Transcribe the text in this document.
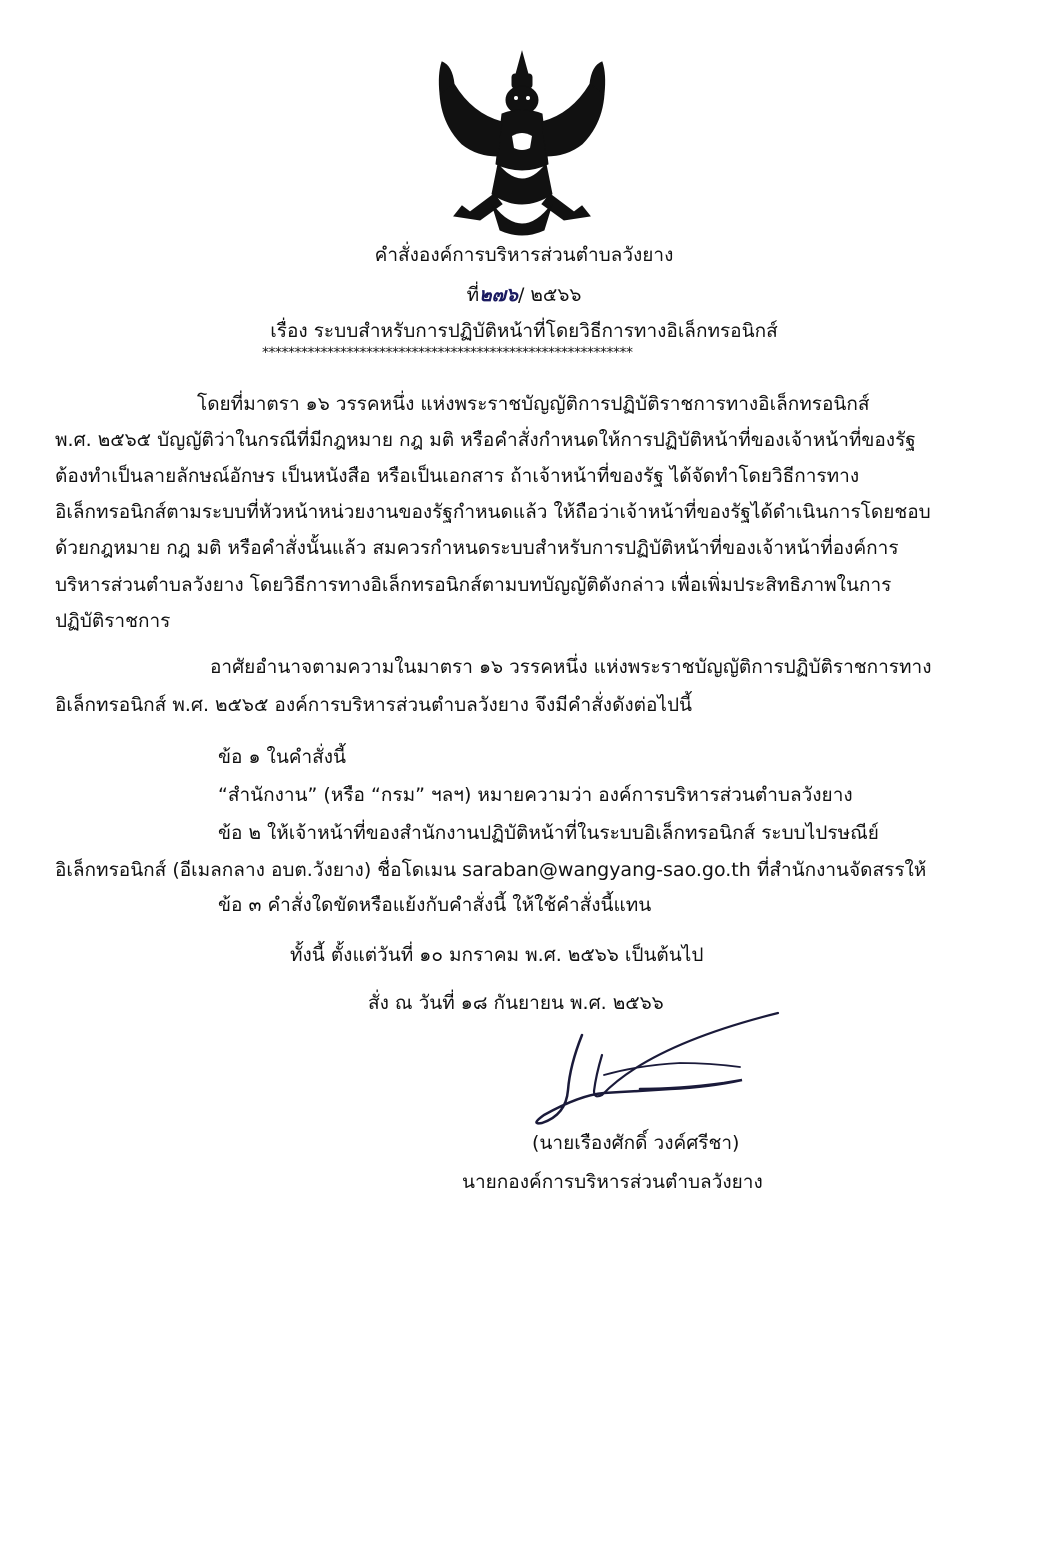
คำสั่งองค์การบริหารส่วนตำบลวังยาง
ที่๒๗๖/ ๒๕๖๖
เรื่อง ระบบสำหรับการปฏิบัติหน้าที่โดยวิธีการทางอิเล็กทรอนิกส์
*********************************************************
โดยที่มาตรา ๑๖ วรรคหนึ่ง แห่งพระราชบัญญัติการปฏิบัติราชการทางอิเล็กทรอนิกส์
พ.ศ. ๒๕๖๕ บัญญัติว่าในกรณีที่มีกฎหมาย กฎ มติ หรือคำสั่งกำหนดให้การปฏิบัติหน้าที่ของเจ้าหน้าที่ของรัฐ
ต้องทำเป็นลายลักษณ์อักษร เป็นหนังสือ หรือเป็นเอกสาร ถ้าเจ้าหน้าที่ของรัฐ ได้จัดทำโดยวิธีการทาง
อิเล็กทรอนิกส์ตามระบบที่หัวหน้าหน่วยงานของรัฐกำหนดแล้ว ให้ถือว่าเจ้าหน้าที่ของรัฐได้ดำเนินการโดยชอบ
ด้วยกฎหมาย กฎ มติ หรือคำสั่งนั้นแล้ว สมควรกำหนดระบบสำหรับการปฏิบัติหน้าที่ของเจ้าหน้าที่องค์การ
บริหารส่วนตำบลวังยาง โดยวิธีการทางอิเล็กทรอนิกส์ตามบทบัญญัติดังกล่าว เพื่อเพิ่มประสิทธิภาพในการ
ปฏิบัติราชการ
อาศัยอำนาจตามความในมาตรา ๑๖ วรรคหนึ่ง แห่งพระราชบัญญัติการปฏิบัติราชการทาง
อิเล็กทรอนิกส์ พ.ศ. ๒๕๖๕ องค์การบริหารส่วนตำบลวังยาง จึงมีคำสั่งดังต่อไปนี้
ข้อ ๑ ในคำสั่งนี้
“สำนักงาน” (หรือ “กรม” ฯลฯ) หมายความว่า องค์การบริหารส่วนตำบลวังยาง
ข้อ ๒ ให้เจ้าหน้าที่ของสำนักงานปฏิบัติหน้าที่ในระบบอิเล็กทรอนิกส์ ระบบไปรษณีย์
อิเล็กทรอนิกส์ (อีเมลกลาง อบต.วังยาง) ชื่อโดเมน saraban@wangyang-sao.go.th ที่สำนักงานจัดสรรให้
ข้อ ๓ คำสั่งใดขัดหรือแย้งกับคำสั่งนี้ ให้ใช้คำสั่งนี้แทน
ทั้งนี้ ตั้งแต่วันที่ ๑๐ มกราคม พ.ศ. ๒๕๖๖ เป็นต้นไป
สั่ง ณ วันที่ ๑๘ กันยายน พ.ศ. ๒๕๖๖
(นายเรืองศักดิ์ วงค์ศรีชา)
นายกองค์การบริหารส่วนตำบลวังยาง
